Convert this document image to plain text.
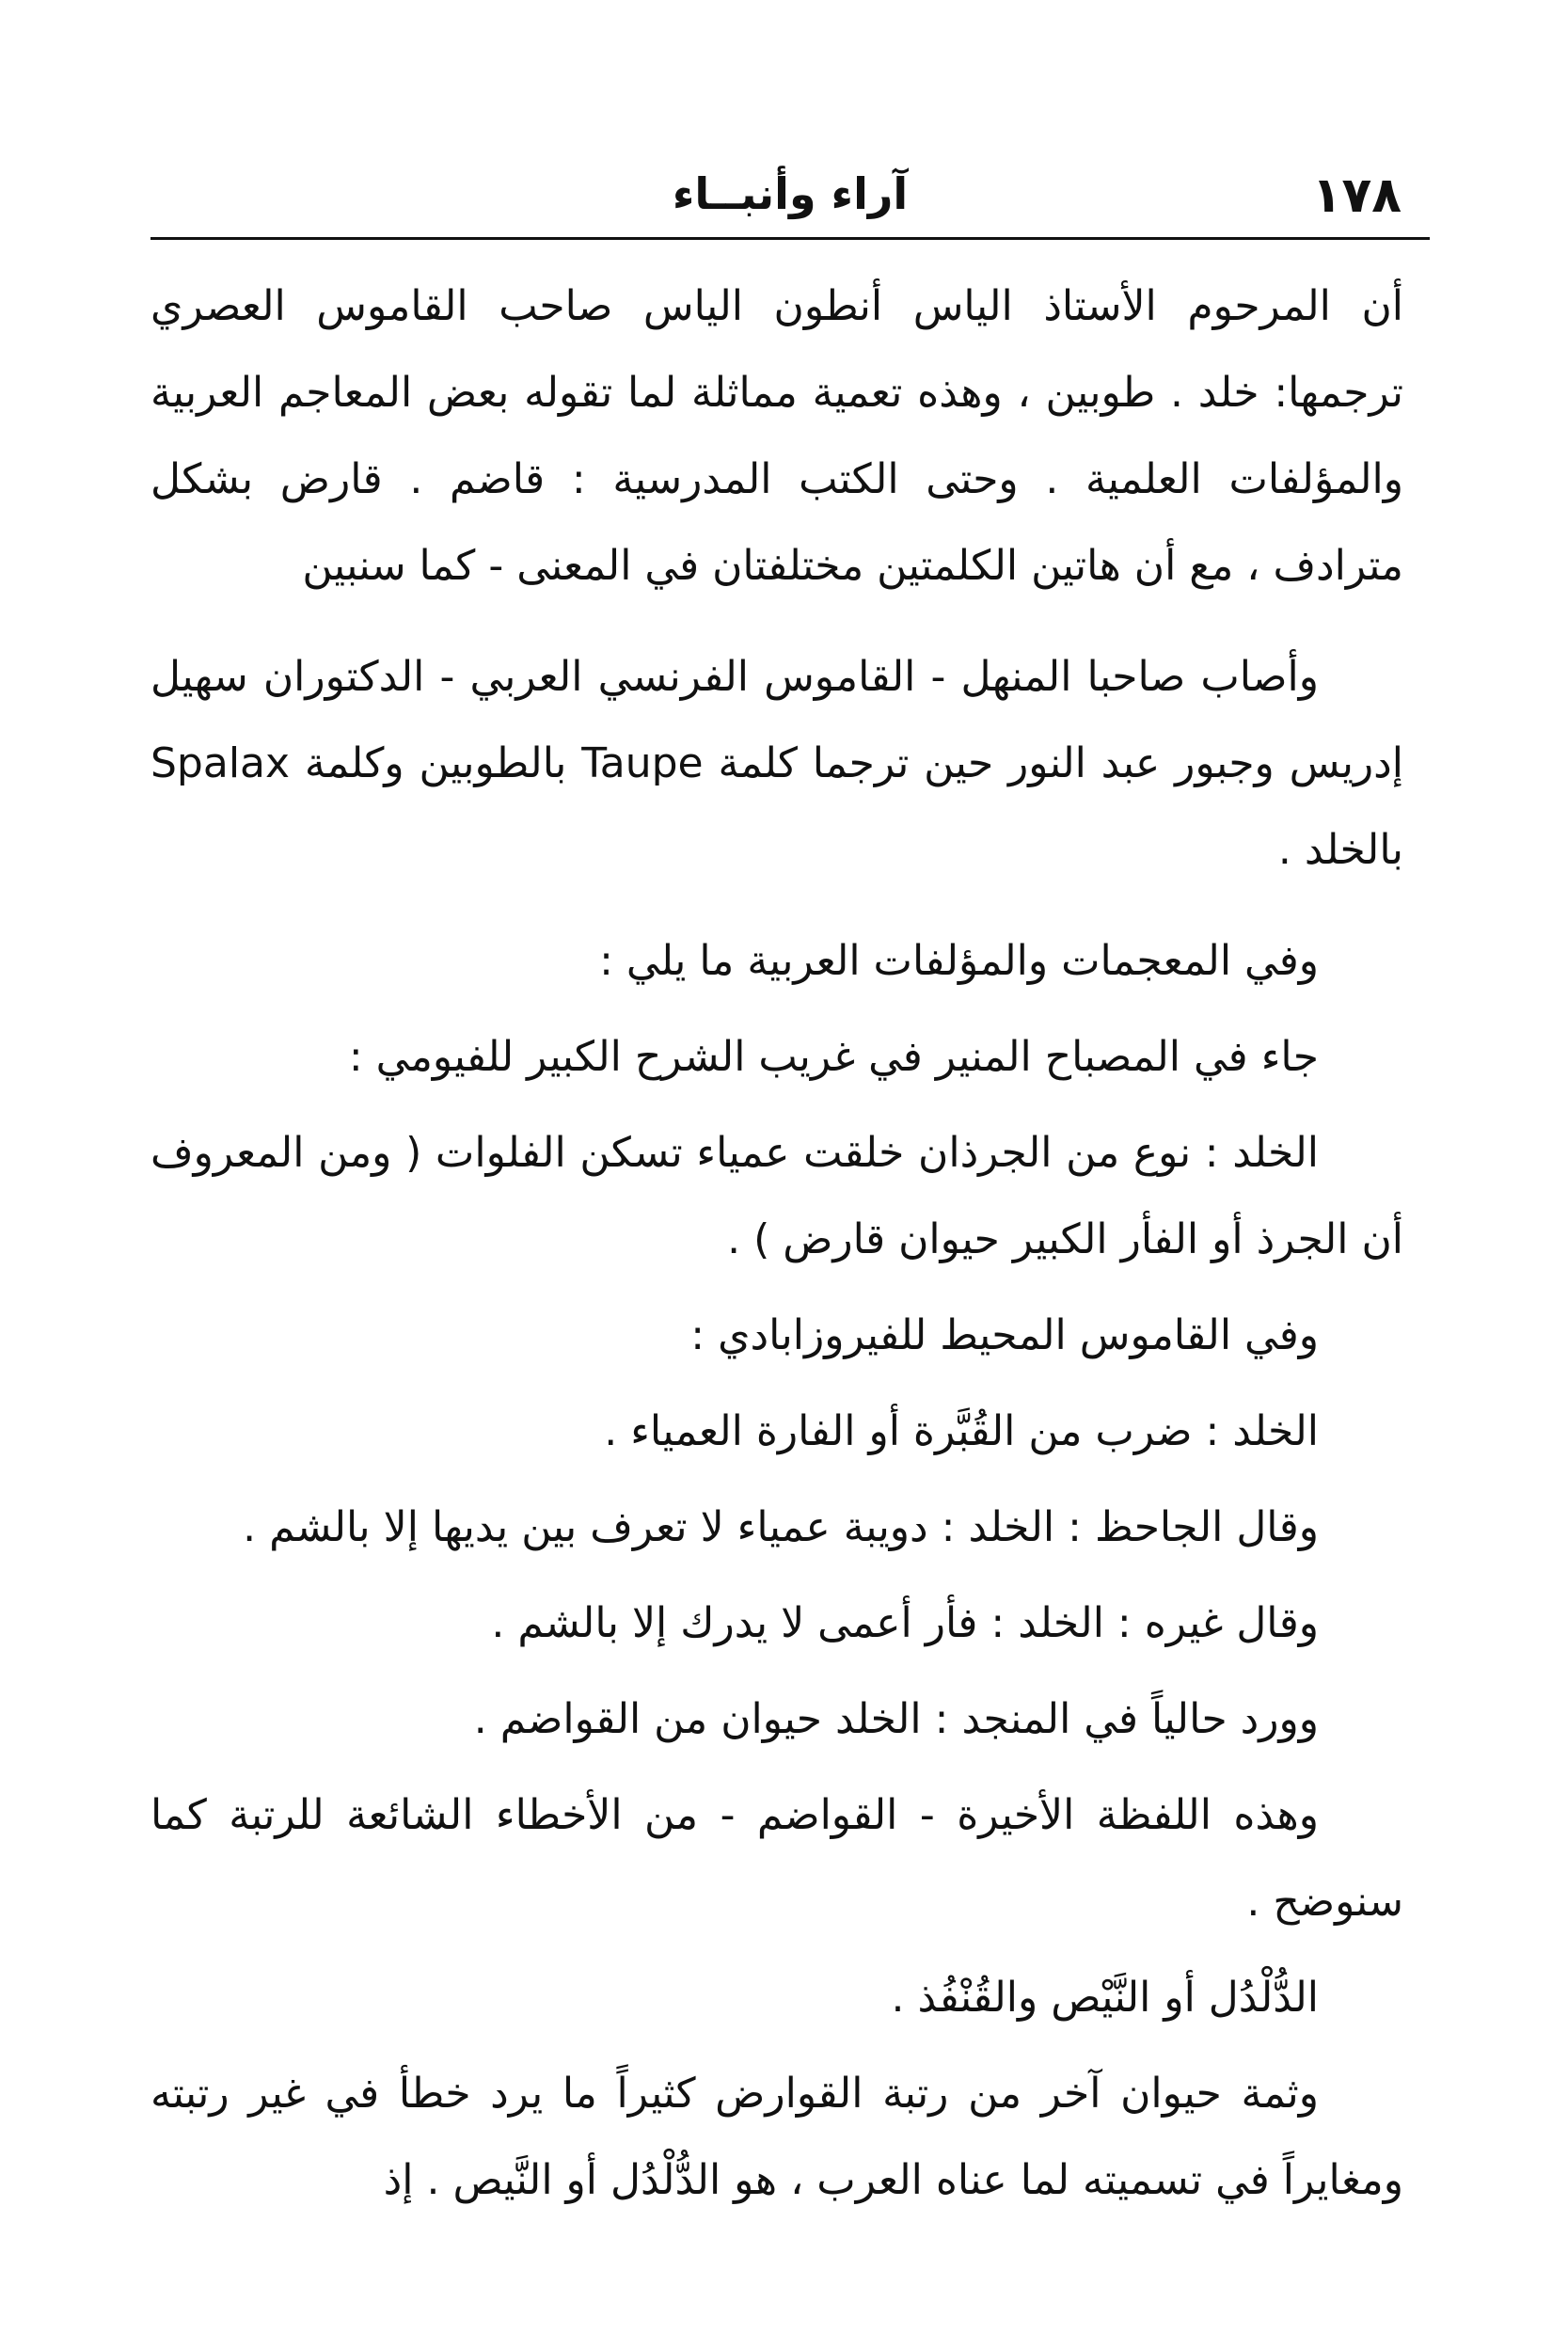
١٧٨
آراء وأنبــاء

أن المرحوم الأستاذ الياس أنطون الياس صاحب القاموس العصري ترجمها: خلد . طوبين ، وهذه تعمية مماثلة لما تقوله بعض المعاجم العربية والمؤلفات العلمية . وحتى الكتب المدرسية : قاضم . قارض بشكل مترادف ، مع أن هاتين الكلمتين مختلفتان في المعنى - كما سنبين

وأصاب صاحبا المنهل - القاموس الفرنسي العربي - الدكتوران سهيل إدريس وجبور عبد النور حين ترجما كلمة Taupe بالطوبين وكلمة Spalax بالخلد .

وفي المعجمات والمؤلفات العربية ما يلي :

جاء في المصباح المنير في غريب الشرح الكبير للفيومي :

الخلد : نوع من الجرذان خلقت عمياء تسكن الفلوات ( ومن المعروف أن الجرذ أو الفأر الكبير حيوان قارض ) .

وفي القاموس المحيط للفيروزابادي :

الخلد : ضرب من القُبَّرة أو الفارة العمياء .

وقال الجاحظ : الخلد : دويبة عمياء لا تعرف بين يديها إلا بالشم .

وقال غيره : الخلد : فأر أعمى لا يدرك إلا بالشم .

وورد حالياً في المنجد : الخلد حيوان من القواضم .

وهذه اللفظة الأخيرة - القواضم - من الأخطاء الشائعة للرتبة كما سنوضح .

الدُّلْدُل أو النَّيْص والقُنْفُذ .

وثمة حيوان آخر من رتبة القوارض كثيراً ما يرد خطأ في غير رتبته ومغايراً في تسميته لما عناه العرب ، هو الدُّلْدُل أو النَّيص . إذ
